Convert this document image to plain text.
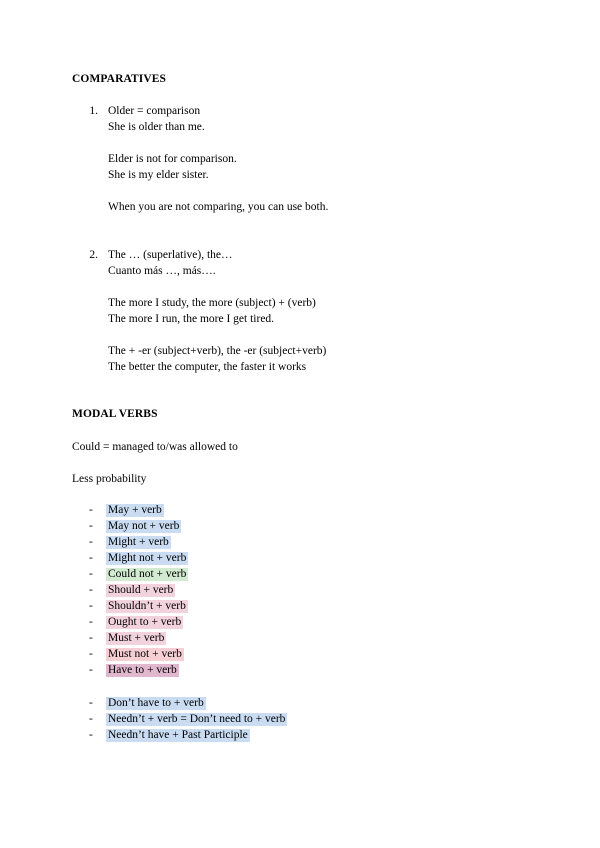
COMPARATIVES
1. Older = comparison
She is older than me.
Elder is not for comparison.
She is my elder sister.
When you are not comparing, you can use both.
2. The … (superlative), the…
Cuanto más …, más….
The more I study, the more (subject) + (verb)
The more I run, the more I get tired.
The + -er (subject+verb), the -er (subject+verb)
The better the computer, the faster it works
MODAL VERBS
Could = managed to/was allowed to
Less probability
-	May + verb
-	May not + verb
-	Might + verb
-	Might not + verb
-	Could not + verb
-	Should + verb
-	Shouldn’t + verb
-	Ought to + verb
-	Must + verb
-	Must not + verb
-	Have to + verb
-	Don’t have to + verb
-	Needn’t + verb = Don’t need to + verb
-	Needn’t have + Past Participle
